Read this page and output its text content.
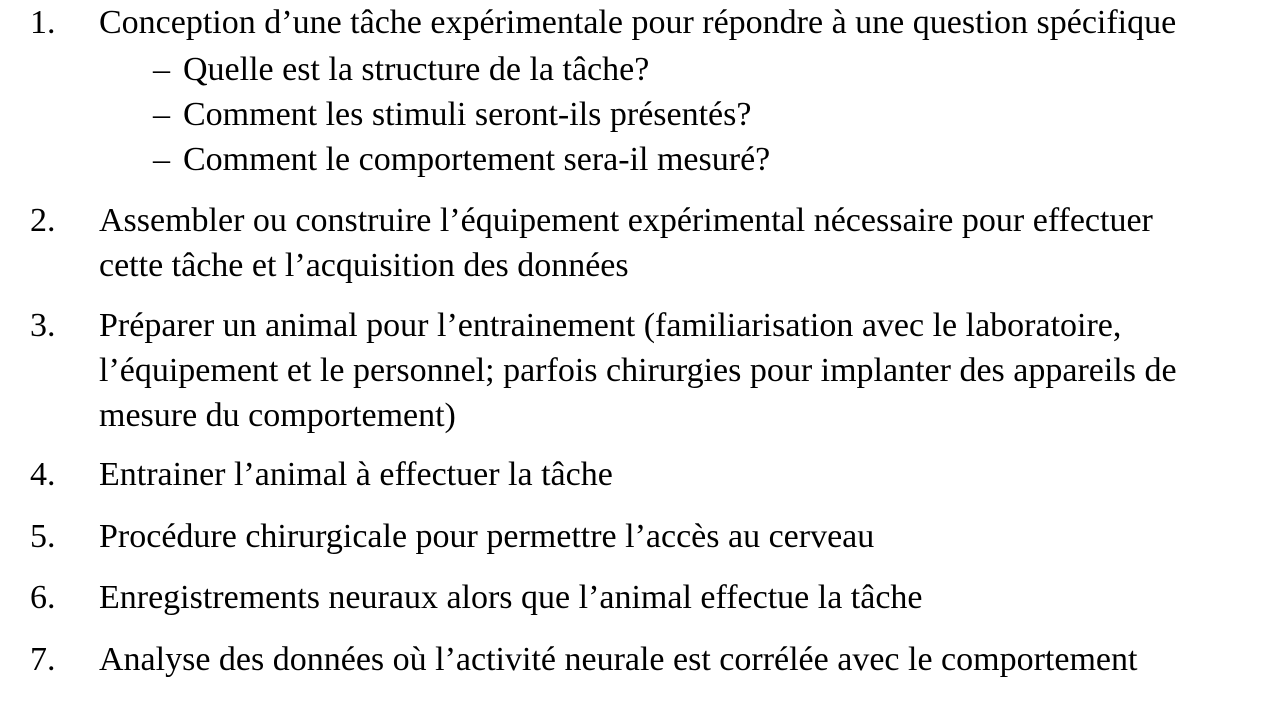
1. Conception d’une tâche expérimentale pour répondre à une question spécifique
– Quelle est la structure de la tâche?
– Comment les stimuli seront-ils présentés?
– Comment le comportement sera-il mesuré?
2. Assembler ou construire l’équipement expérimental nécessaire pour effectuer
cette tâche et l’acquisition des données
3. Préparer un animal pour l’entrainement (familiarisation avec le laboratoire,
l’équipement et le personnel; parfois chirurgies pour implanter des appareils de
mesure du comportement)
4. Entrainer l’animal à effectuer la tâche
5. Procédure chirurgicale pour permettre l’accès au cerveau
6. Enregistrements neuraux alors que l’animal effectue la tâche
7. Analyse des données où l’activité neurale est corrélée avec le comportement
